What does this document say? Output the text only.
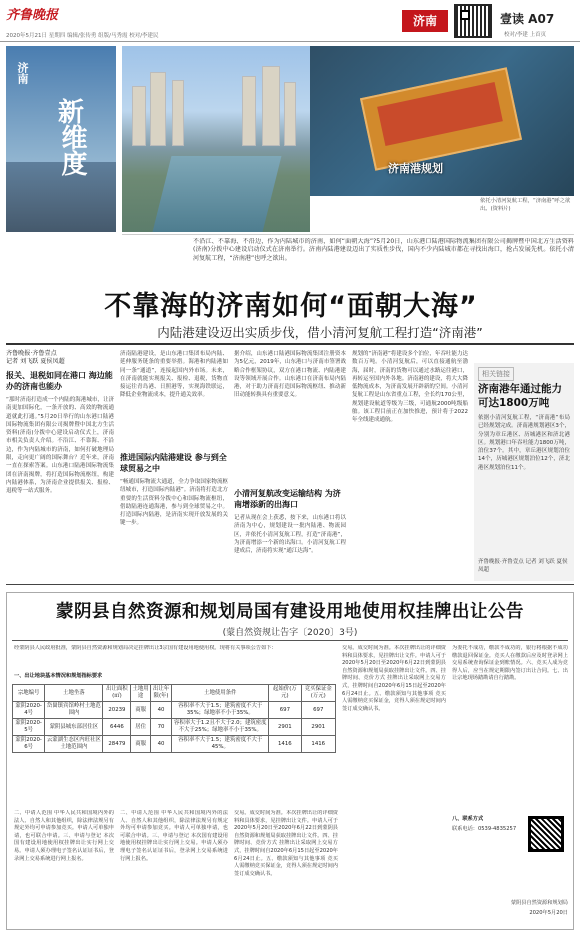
齐鲁晚报
2020年5月21日 星期四 编辑/张传勇 组版/马秀霞 校对/李建民
济南	壹读 A07
校对/李建 上首页
济南
新
维度	济南港规划
依托小清河复航工程，“济南港”呼之欲出。(资料片)
不沿江、不靠海、不沿边，作为内陆城市的济南，如何“面朝大海”?5月20日，山东港口陆港国际物流集团有限公司揭牌暨中国北方生活资料(济南)分拨中心建设启动仪式在济南举行。济南内陆港建设迈出了实质性步伐，国内不少内陆城市都在寻找出海口，抢占发展先机。依托小清河复航工程，“济南港”也呼之欲出。
不靠海的济南如何“面朝大海”
内陆港建设迈出实质步伐，借小清河复航工程打造“济南港”
齐鲁晚报·齐鲁壹点
记者 刘飞跃 夏侯凤超
报关、退税如同在港口 海边能办的济南也能办
“那时济南打造成一个内陆的海港城市，让济南更加国际化，一条开放的、高效的物流通道就此打通。”5月20日举行的山东港口陆港国际物流集团有限公司揭牌暨中国北方生活资料(济南)分拨中心建设启动仪式上，济南市相关负责人介绍。不沿江、不靠海、不沿边，作为内陆城市的济南，如何打破地理局限，走向更广阔的国际舞台？近年来，济南一直在探索答案。山东港口陆港国际物流集团在济南揭牌，将打造国际物流枢纽，构建内陆港体系，为济南企业提供报关、报检、退税等一站式服务。
济南陆港建设，是山东港口集团布局内陆、延伸服务链条的重要举措。海港和内陆港如同一条“通道”，连接起国内外市场。未来，在济南就能实现报关、报检、退税，货物直接运往青岛港、日照港等，实现海铁联运，降低企业物流成本，提升通关效率。
推进国际内陆港建设 参与到全球贸易之中
“畅通国际物流大通道，全力争取国家物流枢纽城市，打造国际内陆港”。济南将打造北方重要的生活资料分拨中心和国际物流枢纽，借助陆港连通海港，参与到全球贸易之中。打造国际内陆港，是济南实现开放发展的关键一步。
据介绍，山东港口陆港国际物流集团注册资本为5亿元，2019年，山东港口与济南市签署战略合作框架协议，双方在港口物流、内陆港建设等领域开展合作。山东港口在济南布局内陆港，对于助力济南打造国际物流枢纽、推动新旧动能转换具有重要意义。
小清河复航改变运输结构 为济南增添新的出海口
记者从现在会上获悉，按下来，山东港口将以济南为中心，规划建设一批内陆港、物流园区，并依托小清河复航工程，打造“济南港”，为济南增添一个新的出海口。小清河复航工程建成后，济南将实现“通江达海”。
规划的“济南港”将建设多个泊位，年吞吐能力达数百万吨。小清河复航后，可以直接通航至渤海，届时，济南的货物可以通过水路运往港口，再转运至国内外各地。济南港的建设，将大大降低物流成本，为济南发展开辟新的空间。小清河复航工程是山东省重点工程，全长约170公里，规划建设航道等级为三级，可通航2000吨级船舶。该工程目前正在加快推进，预计将于2022年全线建成通航。
相关链接
济南港年通过能力可达1800万吨
依据小清河复航工程，“济南港”布局已经规划完成。济南港规划港区3个，分别为章丘港区、历城港区和济北港区。规划港口年吞吐能力1800万吨，泊位37个。其中，章丘港区规划泊位14个，历城港区规划泊位12个，济北港区规划泊位11个。
齐鲁晚报·齐鲁壹点 记者 刘飞跃 夏侯凤超
蒙阴县自然资源和规划局国有建设用地使用权挂牌出让公告
(蒙自然资规让告字〔2020〕3号)
经蒙阴县人民政府批准，蒙阴县自然资源和规划局决定挂牌出让3宗国有建设用地使用权。现将有关事项公告如下：
一、出让地块基本情况和规划指标要求
宗地编号	土地坐落	出让面积(㎡)	土地用途	出让年限(年)	土地使用条件	起始价(万元)	竞买保证金(万元)
蒙阴2020-4号	岱崮镇宾馆岭村土地范围内	20239	商服	40	容积率不大于1.5；建筑密度不大于35%；绿地率不小于35%。	697	697
蒙阴2020-5号	蒙阴县城东部居住区	6446	居住	70	容积率大于1.2且不大于2.0；建筑密度不大于25%；绿地率不小于35%。	2901	2901
蒙阴2020-6号	云蒙湖生态区内旺社区土地范围内	28479	商服	40	容积率不大于1.5；建筑密度不大于45%。	1416	1416
二、中请人范围 中华人民共和国境内外的法人、自然人和其他组织，除法律法规另有规定外均可申请参加竞买。申请人可单独申请，也可联合申请。三、申请与登记 本次国有建设用地使用权挂牌出让实行网上交易。申请人须办理电子签名认证证书后，登录网上交易系统进行网上报名。
二、中请人范围 中华人民共和国境内外的法人、自然人和其他组织，除法律法规另有规定外均可申请参加竞买。申请人可单独申请，也可联合申请。三、申请与登记 本次国有建设用地使用权挂牌出让实行网上交易。申请人须办理电子签名认证证书后，登录网上交易系统进行网上报名。
交易。成交时间为准。本次挂牌出让的详细资料和具体要求，见挂牌出让文件。申请人可于2020年5月20日至2020年6月22日到蒙阴县自然资源和规划局获取挂牌出让文件。四、挂牌时间、竞价方式 挂牌出让采取网上交易方式，挂牌时间自2020年6月15日起至2020年6月24日止。五、缴款须知与其他事项 竞买人需缴纳竞买保证金，竞得人须在规定时间内签订成交确认书。
交易。成交时间为准。本次挂牌出让的详细资料和具体要求，见挂牌出让文件。申请人可于2020年5月20日至2020年6月22日到蒙阴县自然资源和规划局获取挂牌出让文件。四、挂牌时间、竞价方式 挂牌出让采取网上交易方式，挂牌时间自2020年6月15日起至2020年6月24日止。五、缴款须知与其他事项 竞买人需缴纳竞买保证金，竞得人须在规定时间内签订成交确认书。
为委托不成功，缴款不成功的，银行将根据不成功缴款退回保证金。竞买人在缴款后应及时登录网上交易系统查询保证金到账情况。六、竞买人成为竞得人后，应当在规定期限内签订出让合同。七、出让宗地现场踏勘请自行踏勘。
八、联系方式
联系电话：0539-4835257
蒙阴县自然资源和规划局
2020年5月20日
